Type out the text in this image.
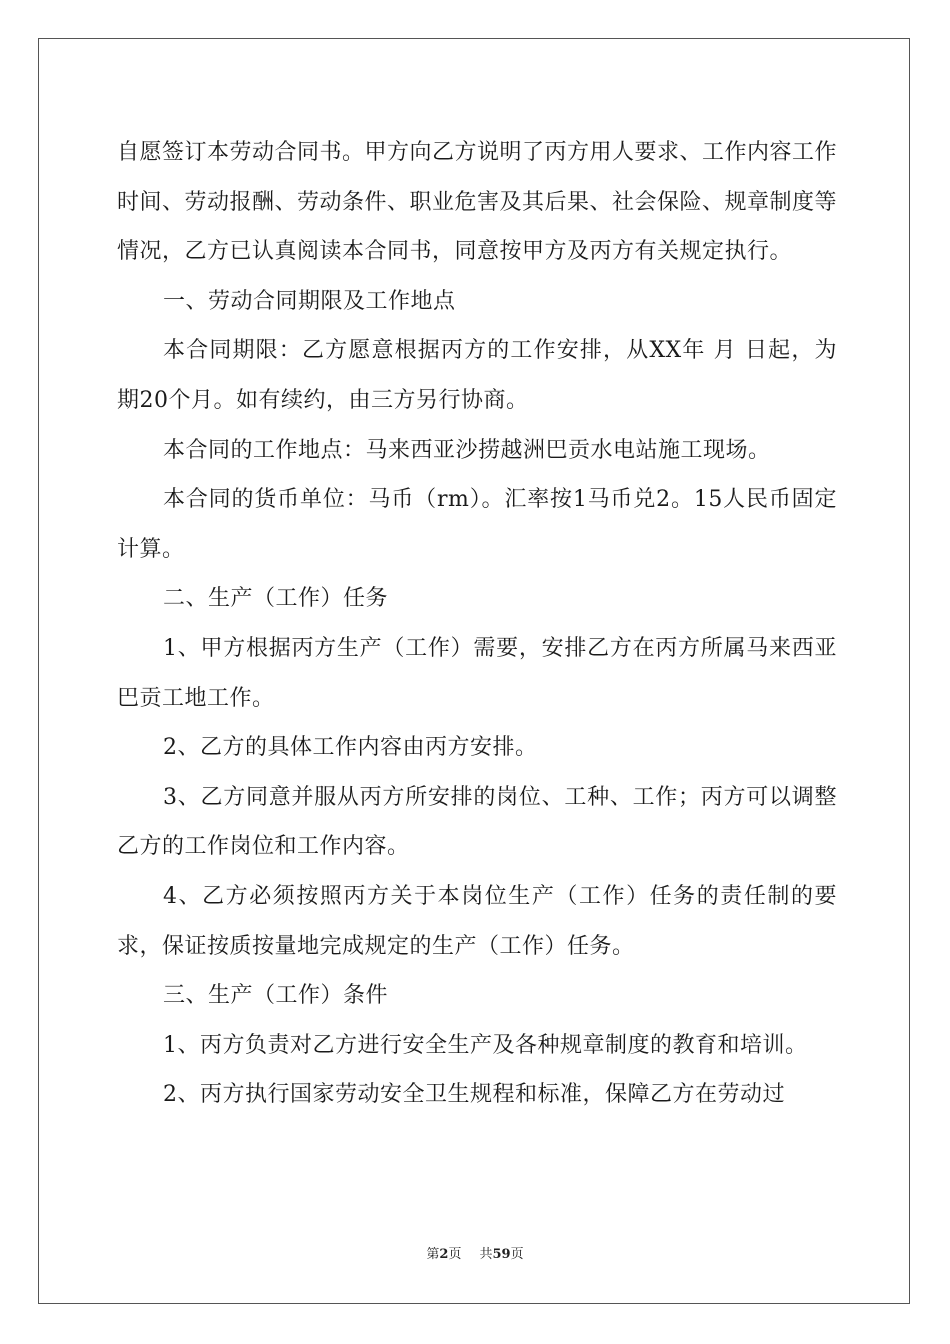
自愿签订本劳动合同书。甲方向乙方说明了丙方用人要求、工作内容工作时间、劳动报酬、劳动条件、职业危害及其后果、社会保险、规章制度等情况，乙方已认真阅读本合同书，同意按甲方及丙方有关规定执行。

一、劳动合同期限及工作地点

本合同期限：乙方愿意根据丙方的工作安排，从XX年 月 日起，为期20个月。如有续约，由三方另行协商。

本合同的工作地点：马来西亚沙捞越洲巴贡水电站施工现场。

本合同的货币单位：马币（rm）。汇率按1马币兑2。15人民币固定计算。

二、生产（工作）任务

1、甲方根据丙方生产（工作）需要，安排乙方在丙方所属马来西亚巴贡工地工作。

2、乙方的具体工作内容由丙方安排。

3、乙方同意并服从丙方所安排的岗位、工种、工作；丙方可以调整乙方的工作岗位和工作内容。

4、乙方必须按照丙方关于本岗位生产（工作）任务的责任制的要求，保证按质按量地完成规定的生产（工作）任务。

三、生产（工作）条件

1、丙方负责对乙方进行安全生产及各种规章制度的教育和培训。

2、丙方执行国家劳动安全卫生规程和标准，保障乙方在劳动过

第2页 共59页
